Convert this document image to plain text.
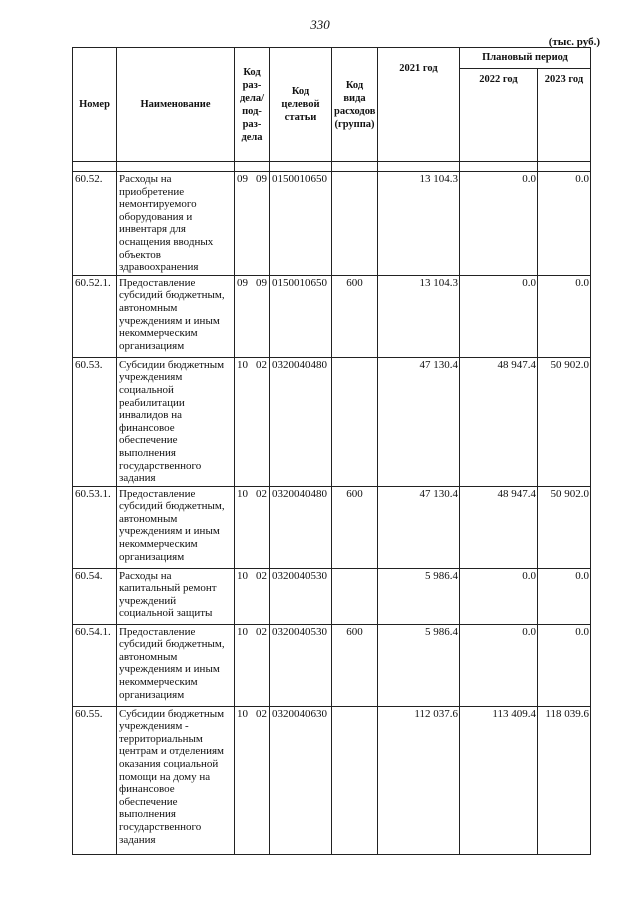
330
(тыс. руб.)
Номер	Наименование	Код раз-дела/ под-раз-дела	Код целевой статьи	Код вида расходов (группа)	2021 год	Плановый период	
						2022 год	2023 год

60.52.	Расходы на приобретение немонтируемого оборудования и инвентаря для оснащения вводных объектов здравоохранения	09 09	0150010650		13 104.3	0.0	0.0
60.52.1.	Предоставление субсидий бюджетным, автономным учреждениям и иным некоммерческим организациям	09 09	0150010650	600	13 104.3	0.0	0.0
60.53.	Субсидии бюджетным учреждениям социальной реабилитации инвалидов на финансовое обеспечение выполнения государственного задания	10 02	0320040480		47 130.4	48 947.4	50 902.0
60.53.1.	Предоставление субсидий бюджетным, автономным учреждениям и иным некоммерческим организациям	10 02	0320040480	600	47 130.4	48 947.4	50 902.0
60.54.	Расходы на капитальный ремонт учреждений социальной защиты	10 02	0320040530		5 986.4	0.0	0.0
60.54.1.	Предоставление субсидий бюджетным, автономным учреждениям и иным некоммерческим организациям	10 02	0320040530	600	5 986.4	0.0	0.0
60.55.	Субсидии бюджетным учреждениям - территориальным центрам и отделениям оказания социальной помощи на дому на финансовое обеспечение выполнения государственного задания	10 02	0320040630		112 037.6	113 409.4	118 039.6
